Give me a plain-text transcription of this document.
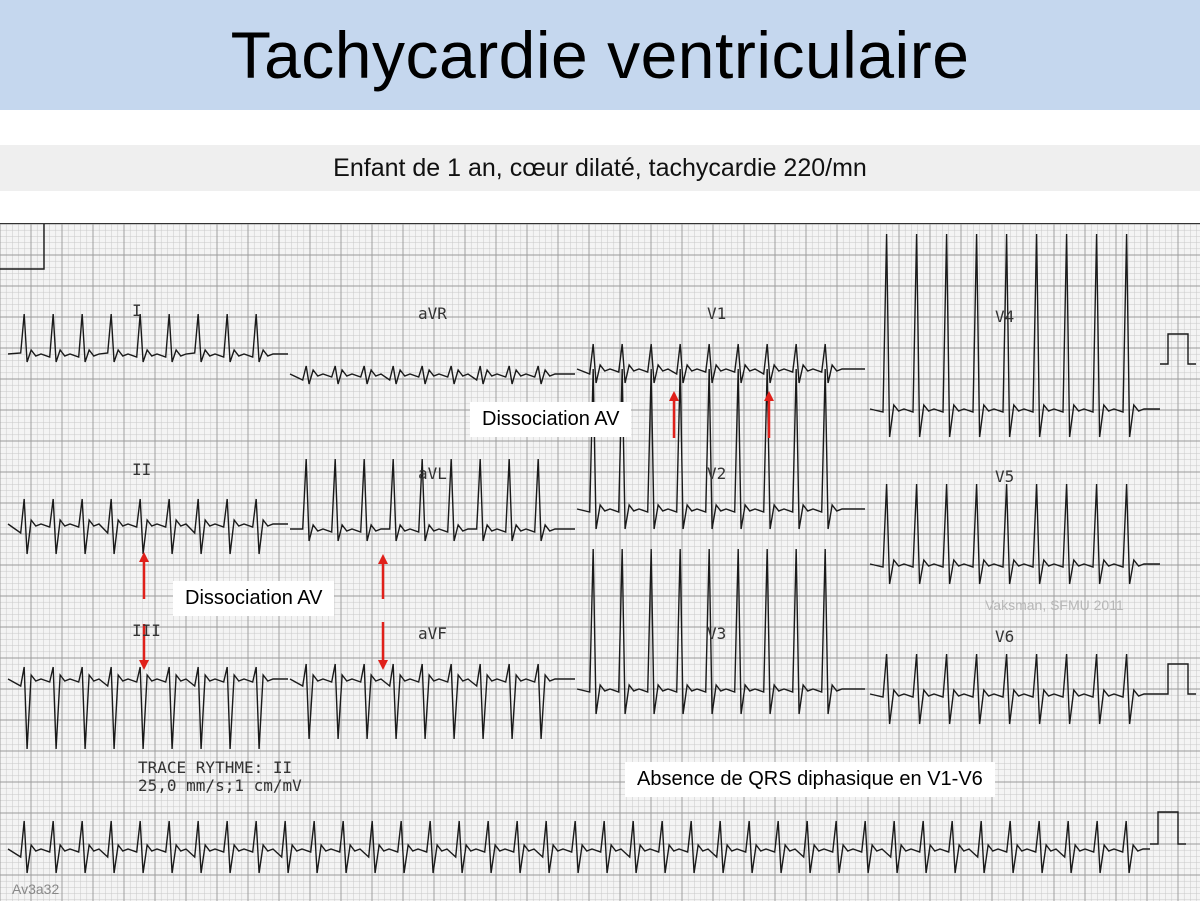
Tachycardie ventriculaire
Enfant de 1 an, cœur dilaté, tachycardie 220/mn
I	aVR	V1	V4
II	aVL	V2	V5
III	aVF	V3	V6
TRACE RYTHME: II
25,0 mm/s;1 cm/mV
Vaksman, SFMU 2011
Av3a32
Dissociation AV
Dissociation AV
Absence de QRS diphasique en V1-V6
